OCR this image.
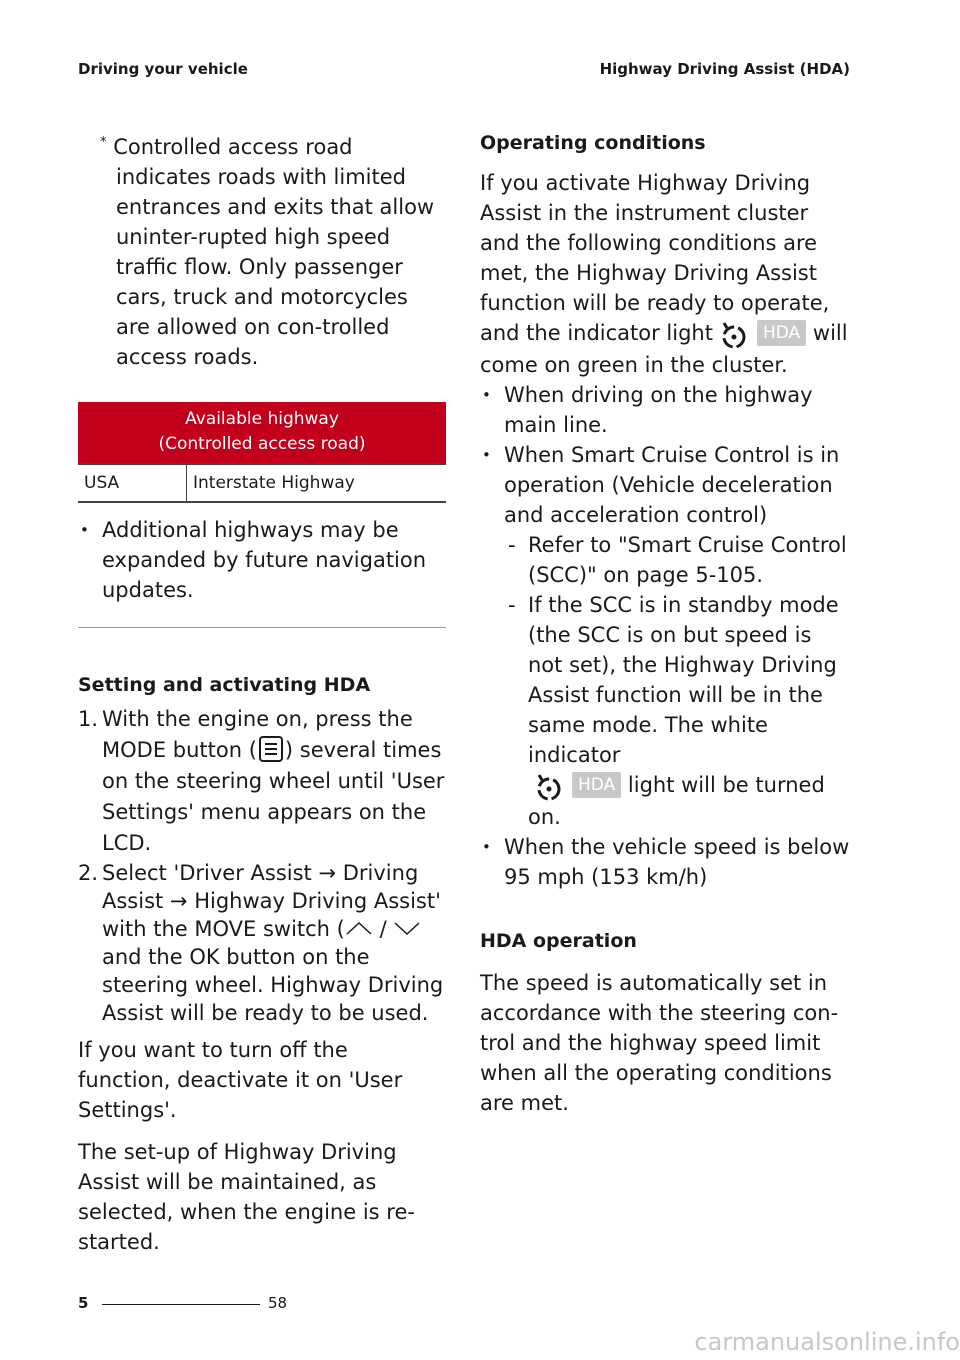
Driving your vehicle	Highway Driving Assist (HDA)

* Controlled access road indicates roads with limited entrances and exits that allow uninter-rupted high speed traffic flow. Only passenger cars, truck and motorcycles are allowed on con-trolled access roads.

Available highway
(Controlled access road)
USA	Interstate Highway
• Additional highways may be expanded by future navigation updates.

Setting and activating HDA

1. With the engine on, press the MODE button ( ) several times on the steering wheel until 'User Settings' menu appears on the LCD.
2. Select 'Driver Assist → Driving Assist → Highway Driving Assist' with the MOVE switch ( /  and the OK button on the steering wheel. Highway Driving Assist will be ready to be used.

If you want to turn off the function, deactivate it on 'User Settings'.

The set-up of Highway Driving Assist will be maintained, as selected, when the engine is re-started.

Operating conditions

If you activate Highway Driving Assist in the instrument cluster and the following conditions are met, the Highway Driving Assist function will be ready to operate, and the indicator light	HDA will come on green in the cluster.

• When driving on the highway main line.
• When Smart Cruise Control is in operation (Vehicle deceleration and acceleration control)
- Refer to "Smart Cruise Control (SCC)" on page 5-105.
- If the SCC is in standby mode (the SCC is on but speed is not set), the Highway Driving Assist function will be in the same mode. The white indicator
HDA light will be turned on.
• When the vehicle speed is below 95 mph (153 km/h)

HDA operation

The speed is automatically set in accordance with the steering con-trol and the highway speed limit when all the operating conditions are met.

5	58
carmanualsonline.info
